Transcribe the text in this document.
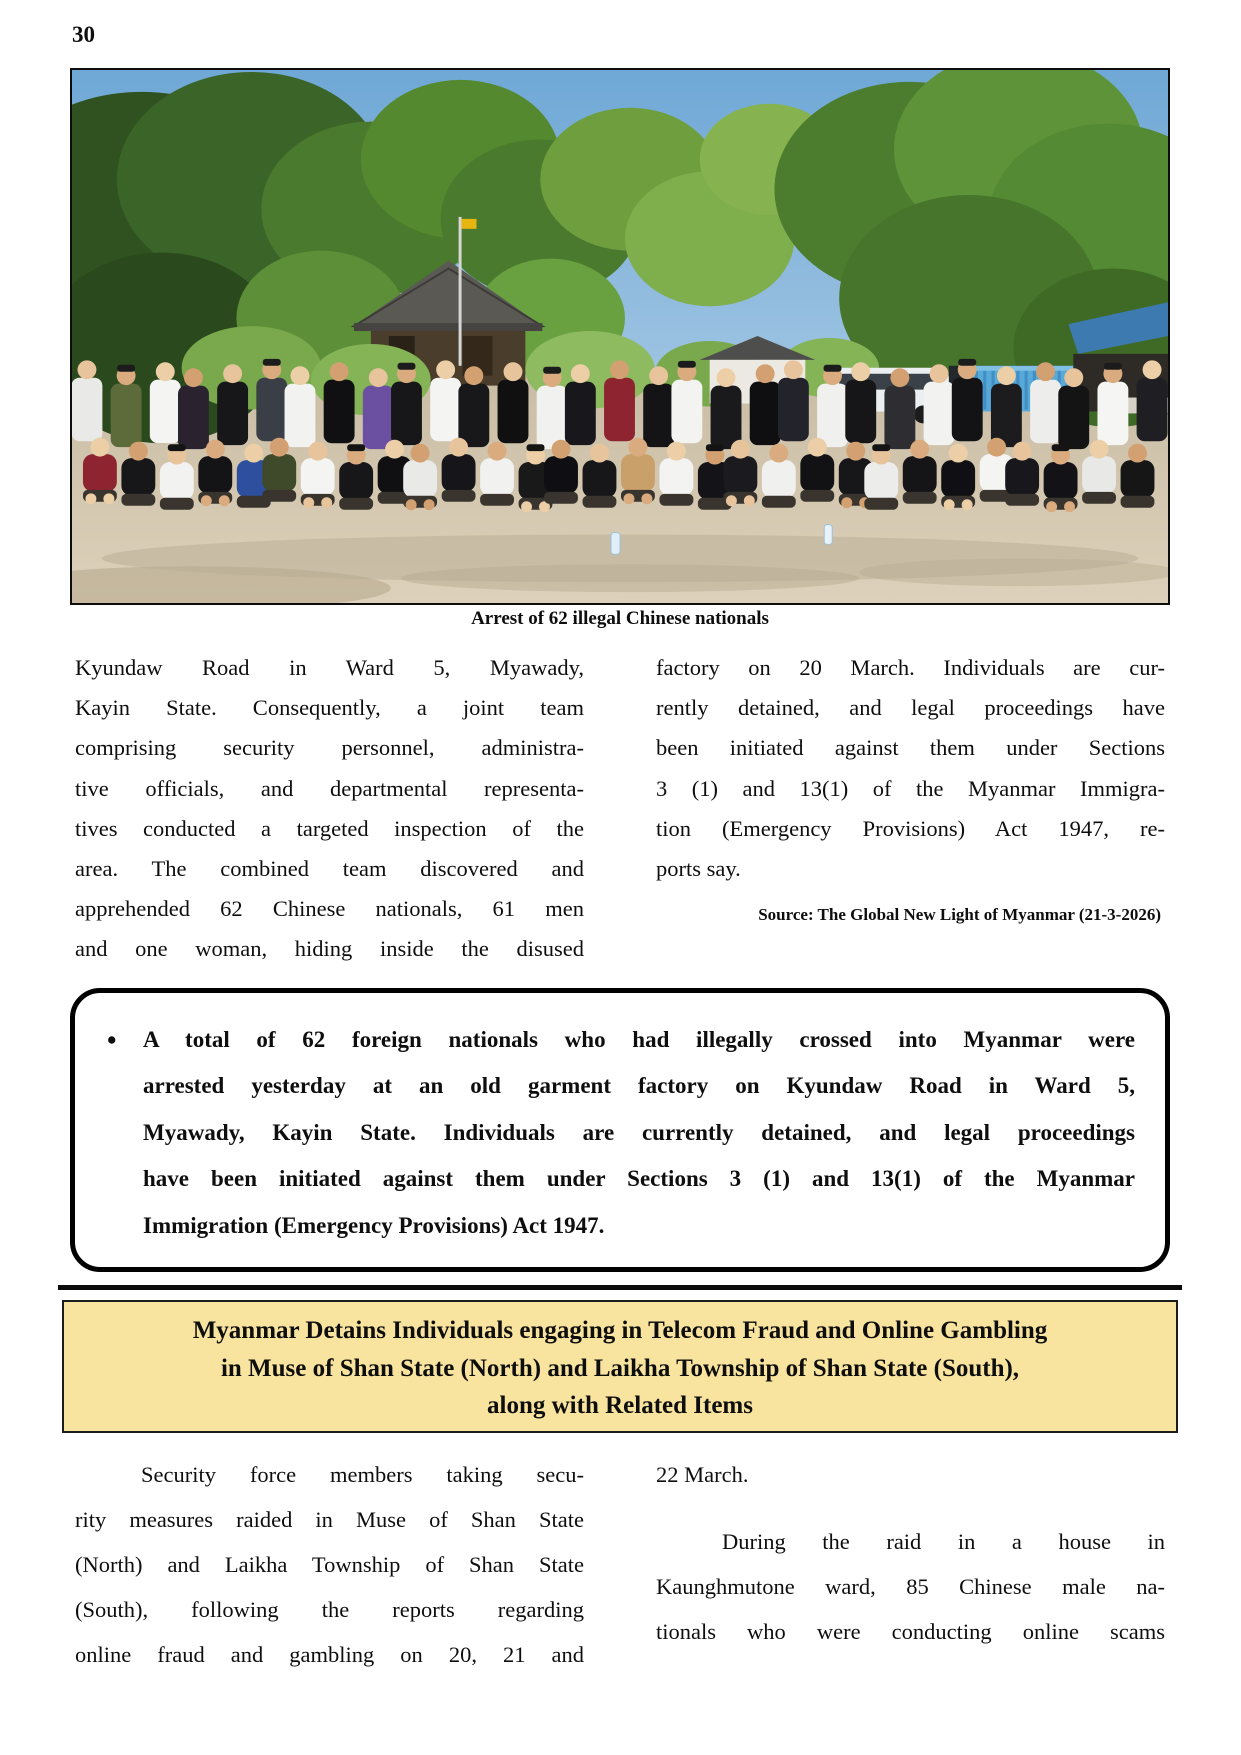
30
Arrest of 62 illegal Chinese nationals
Kyundaw Road in Ward 5, Myawady,
Kayin State. Consequently, a joint team
comprising security personnel, administra-
tive officials, and departmental representa-
tives conducted a targeted inspection of the
area. The combined team discovered and
apprehended 62 Chinese nationals, 61 men
and one woman, hiding inside the disused
factory on 20 March. Individuals are cur-
rently detained, and legal proceedings have
been initiated against them under Sections
3 (1) and 13(1) of the Myanmar Immigra-
tion (Emergency Provisions) Act 1947, re-
ports say.
Source: The Global New Light of Myanmar (21-3-2026)
•	A total of 62 foreign nationals who had illegally crossed into Myanmar were
arrested yesterday at an old garment factory on Kyundaw Road in Ward 5,
Myawady, Kayin State. Individuals are currently detained, and legal proceedings
have been initiated against them under Sections 3 (1) and 13(1) of the Myanmar
Immigration (Emergency Provisions) Act 1947.
Myanmar Detains Individuals engaging in Telecom Fraud and Online Gambling
in Muse of Shan State (North) and Laikha Township of Shan State (South),
along with Related Items
Security force members taking secu-
rity measures raided in Muse of Shan State
(North) and Laikha Township of Shan State
(South), following the reports regarding
online fraud and gambling on 20, 21 and
22 March.
During the raid in a house in
Kaunghmutone ward, 85 Chinese male na-
tionals who were conducting online scams
